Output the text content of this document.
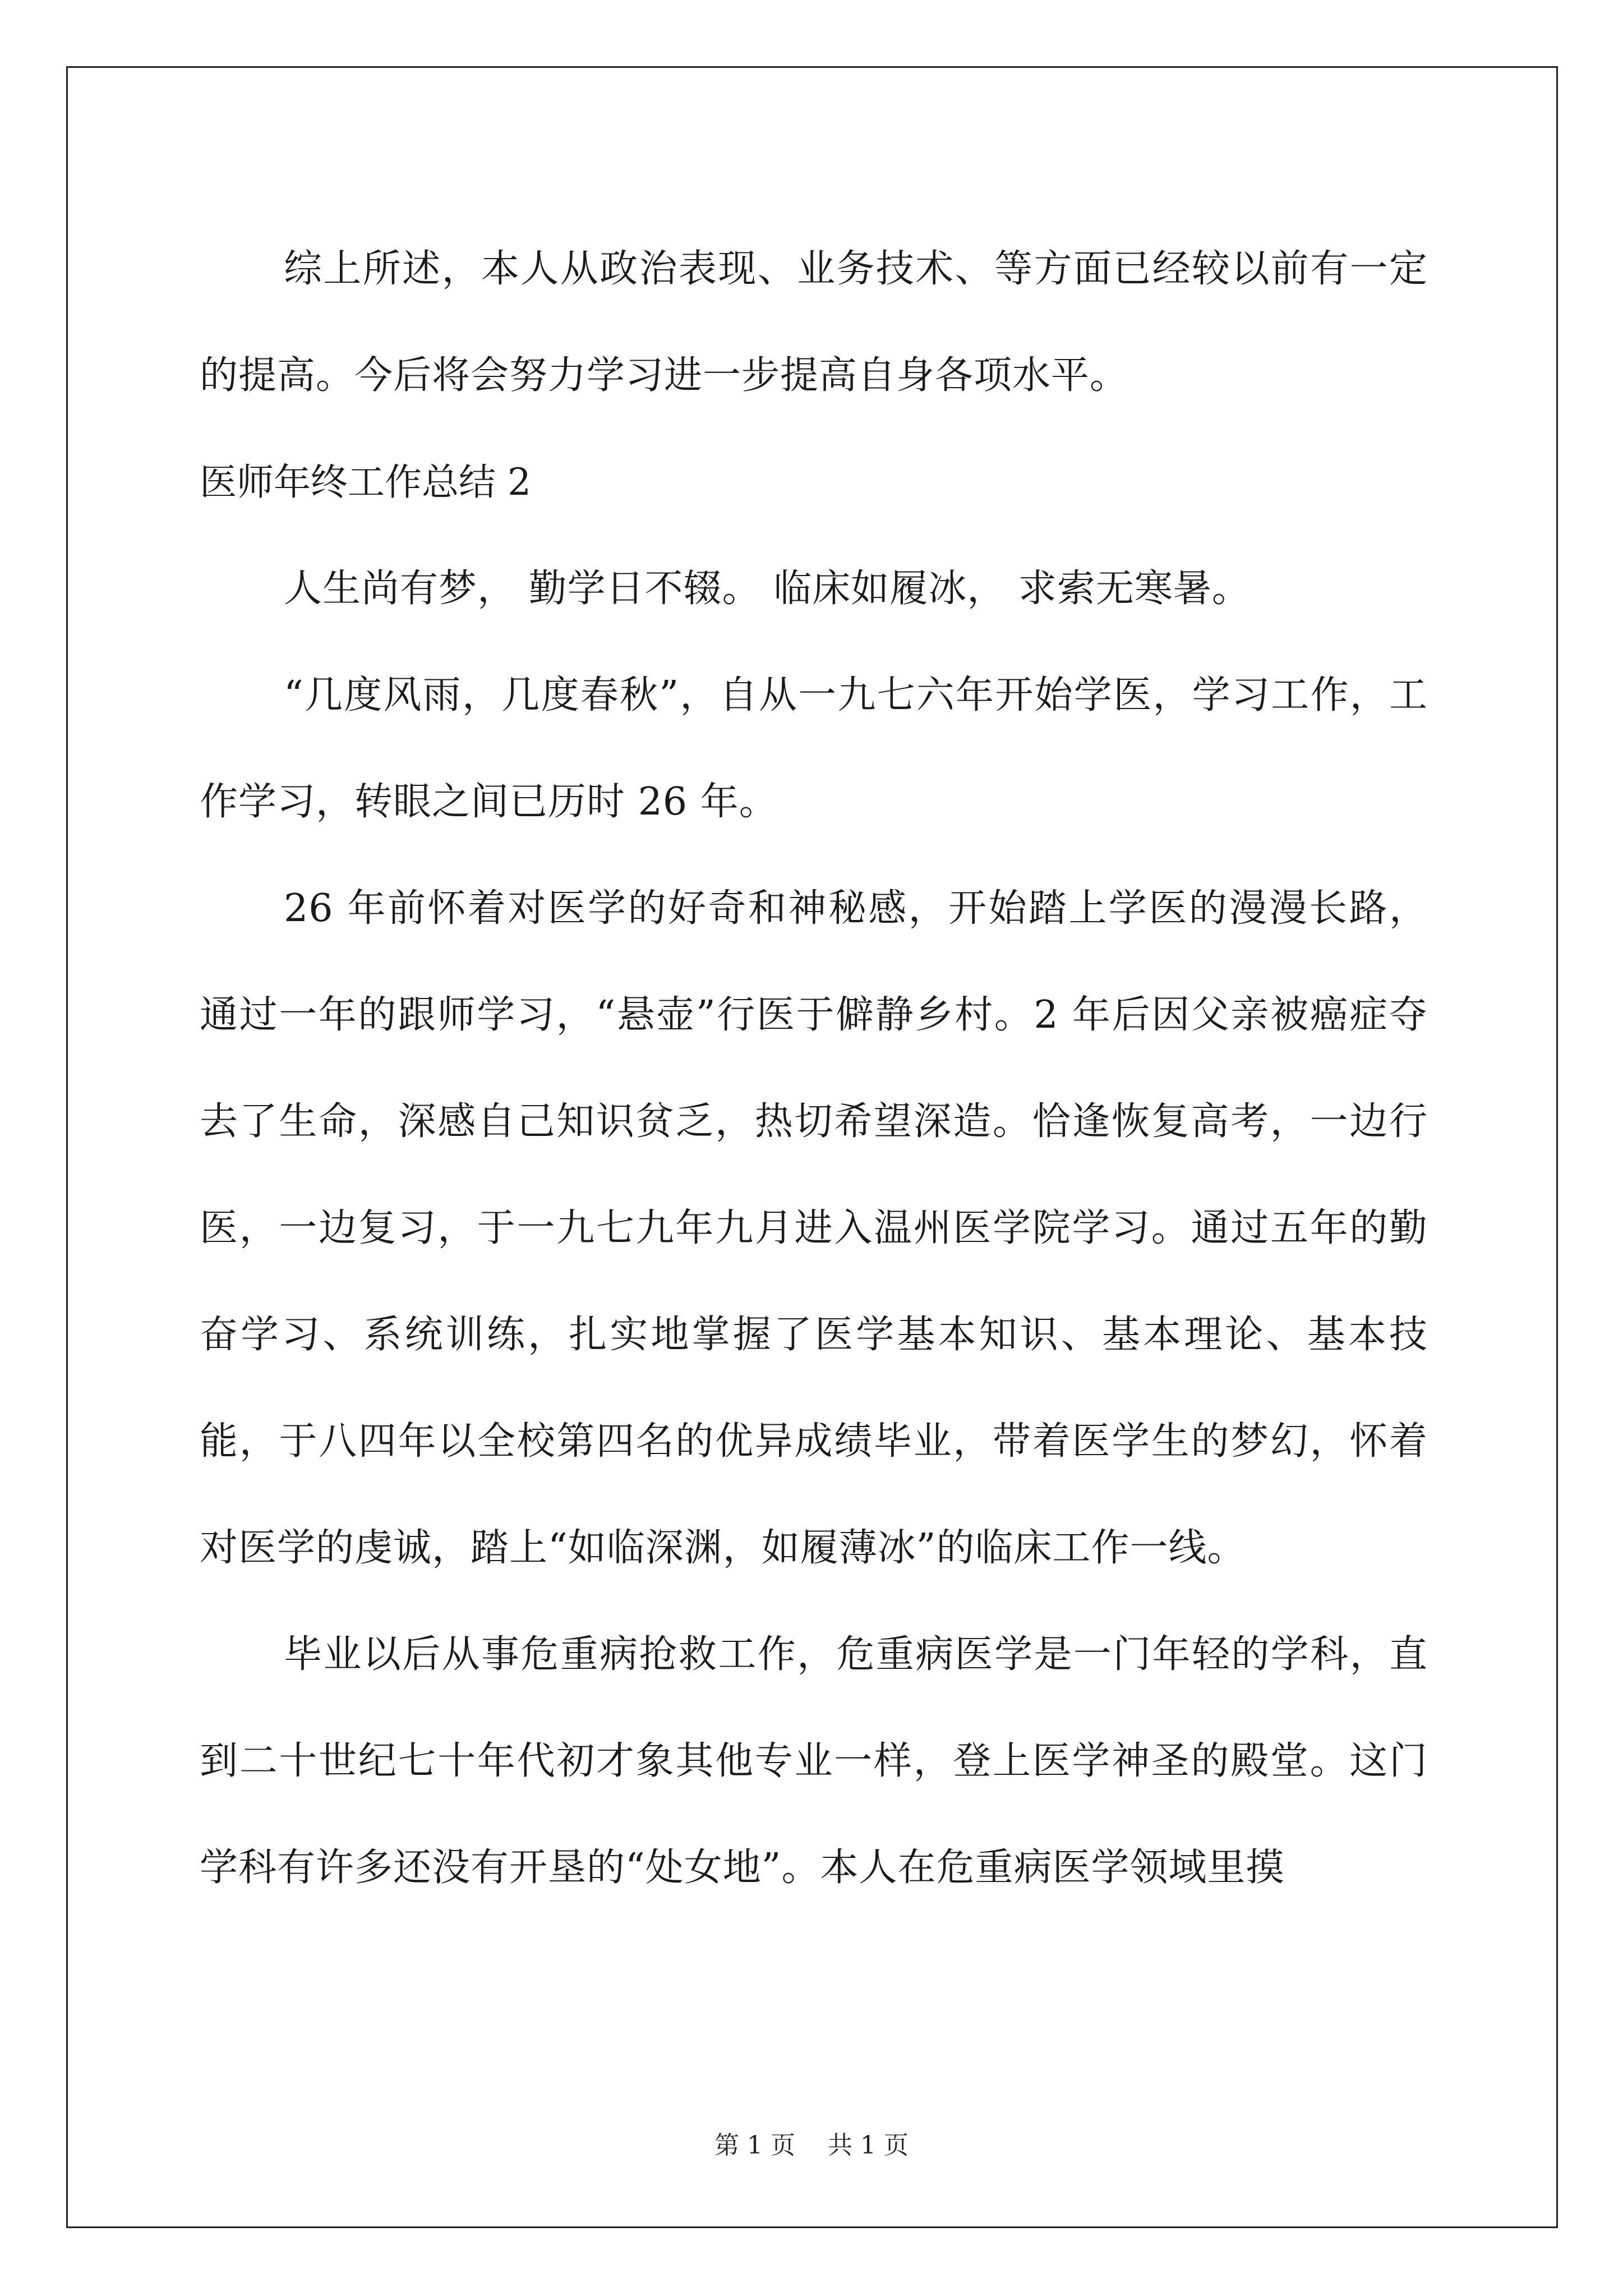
综上所述，本人从政治表现、业务技术、等方面已经较以前有一定的提高。今后将会努力学习进一步提高自身各项水平。

医师年终工作总结 2

人生尚有梦， 勤学日不辍。 临床如履冰， 求索无寒暑。

“几度风雨，几度春秋”，自从一九七六年开始学医，学习工作，工作学习，转眼之间已历时 26 年。

26 年前怀着对医学的好奇和神秘感，开始踏上学医的漫漫长路，通过一年的跟师学习，“悬壶”行医于僻静乡村。2 年后因父亲被癌症夺去了生命，深感自己知识贫乏，热切希望深造。恰逢恢复高考，一边行医，一边复习，于一九七九年九月进入温州医学院学习。通过五年的勤奋学习、系统训练，扎实地掌握了医学基本知识、基本理论、基本技能，于八四年以全校第四名的优异成绩毕业，带着医学生的梦幻，怀着对医学的虔诚，踏上“如临深渊，如履薄冰”的临床工作一线。

毕业以后从事危重病抢救工作，危重病医学是一门年轻的学科，直到二十世纪七十年代初才象其他专业一样，登上医学神圣的殿堂。这门学科有许多还没有开垦的“处女地”。本人在危重病医学领域里摸

第 1 页 共 1 页
